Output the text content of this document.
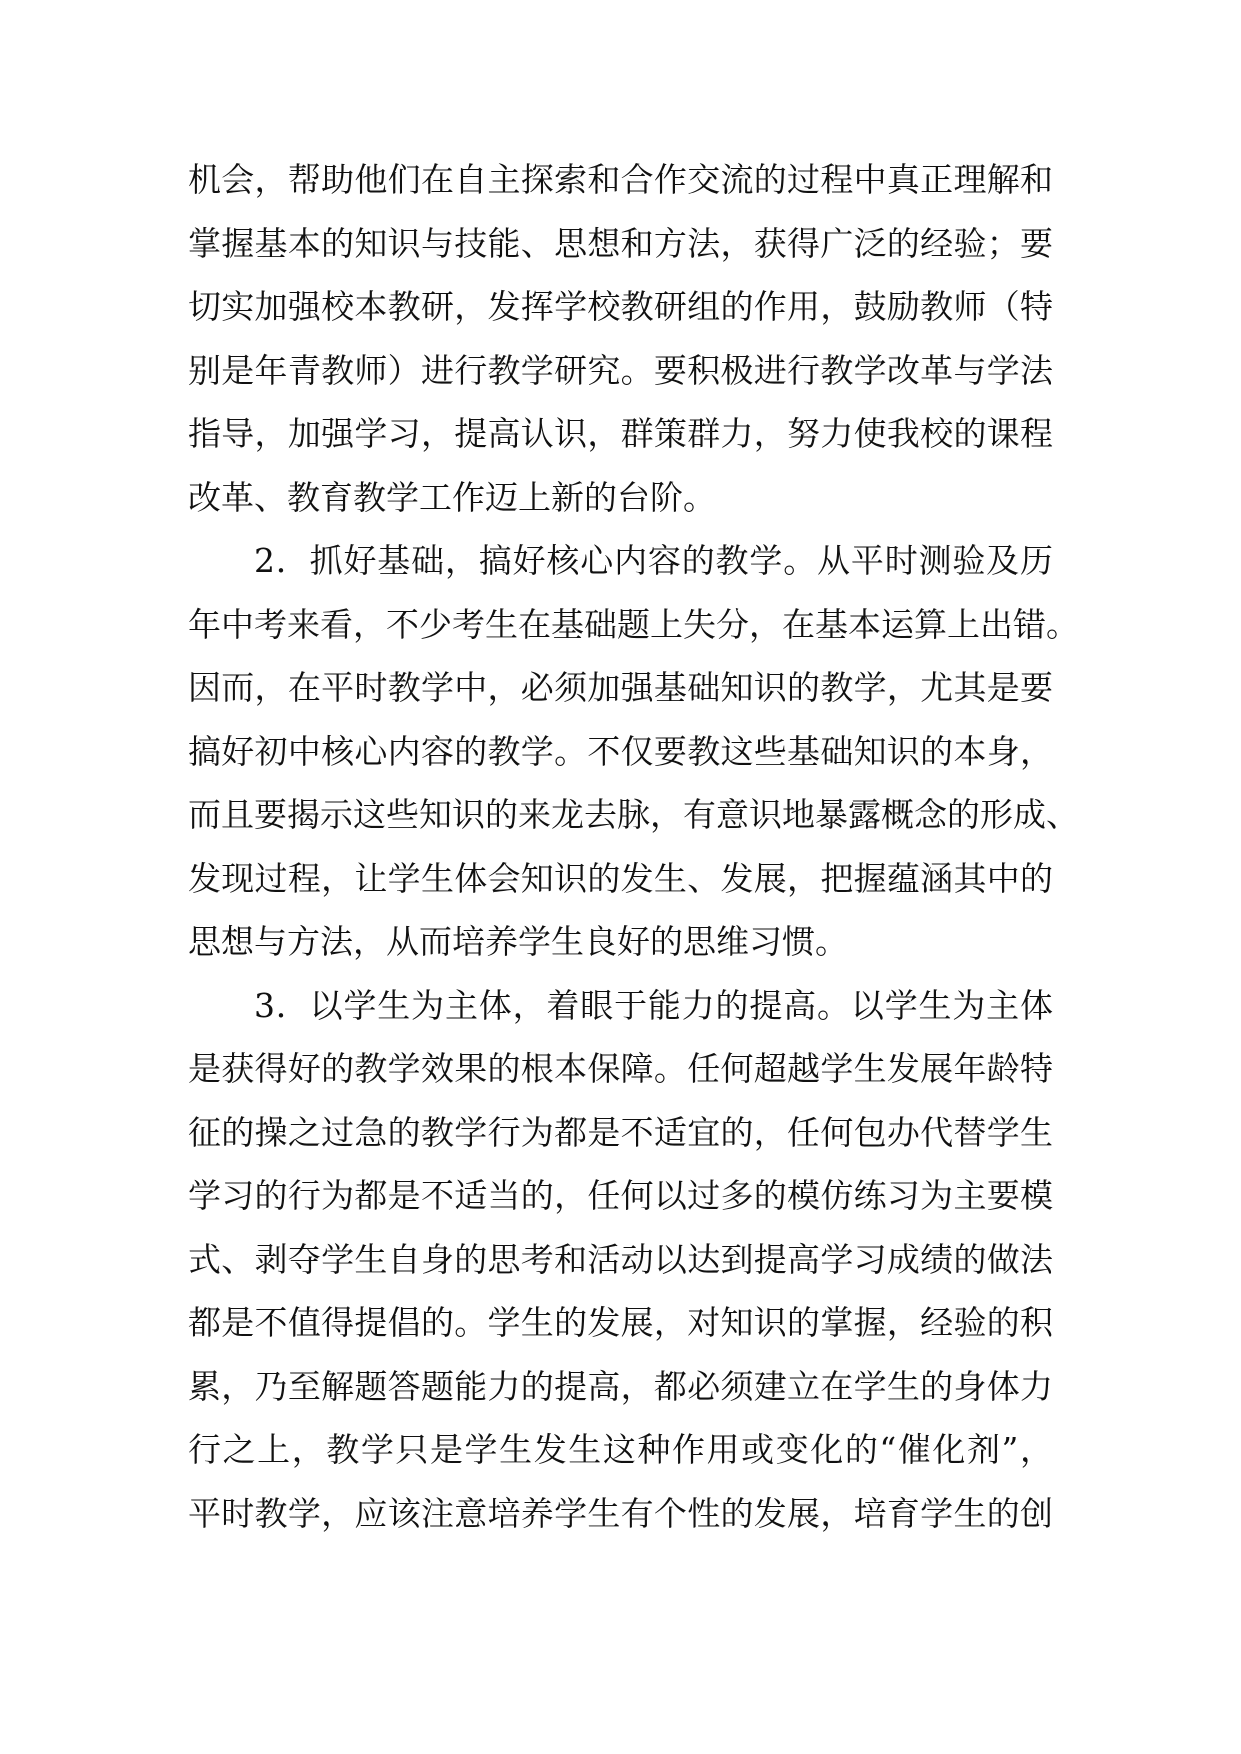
机会，帮助他们在自主探索和合作交流的过程中真正理解和
掌握基本的知识与技能、思想和方法，获得广泛的经验；要
切实加强校本教研，发挥学校教研组的作用，鼓励教师（特
别是年青教师）进行教学研究。要积极进行教学改革与学法
指导，加强学习，提高认识，群策群力，努力使我校的课程
改革、教育教学工作迈上新的台阶。
2．抓好基础，搞好核心内容的教学。从平时测验及历
年中考来看，不少考生在基础题上失分，在基本运算上出错。
因而，在平时教学中，必须加强基础知识的教学，尤其是要
搞好初中核心内容的教学。不仅要教这些基础知识的本身，
而且要揭示这些知识的来龙去脉，有意识地暴露概念的形成、
发现过程，让学生体会知识的发生、发展，把握蕴涵其中的
思想与方法，从而培养学生良好的思维习惯。
3．以学生为主体，着眼于能力的提高。以学生为主体
是获得好的教学效果的根本保障。任何超越学生发展年龄特
征的操之过急的教学行为都是不适宜的，任何包办代替学生
学习的行为都是不适当的，任何以过多的模仿练习为主要模
式、剥夺学生自身的思考和活动以达到提高学习成绩的做法
都是不值得提倡的。学生的发展，对知识的掌握，经验的积
累，乃至解题答题能力的提高，都必须建立在学生的身体力
行之上，教学只是学生发生这种作用或变化的“催化剂”，
平时教学，应该注意培养学生有个性的发展，培育学生的创
